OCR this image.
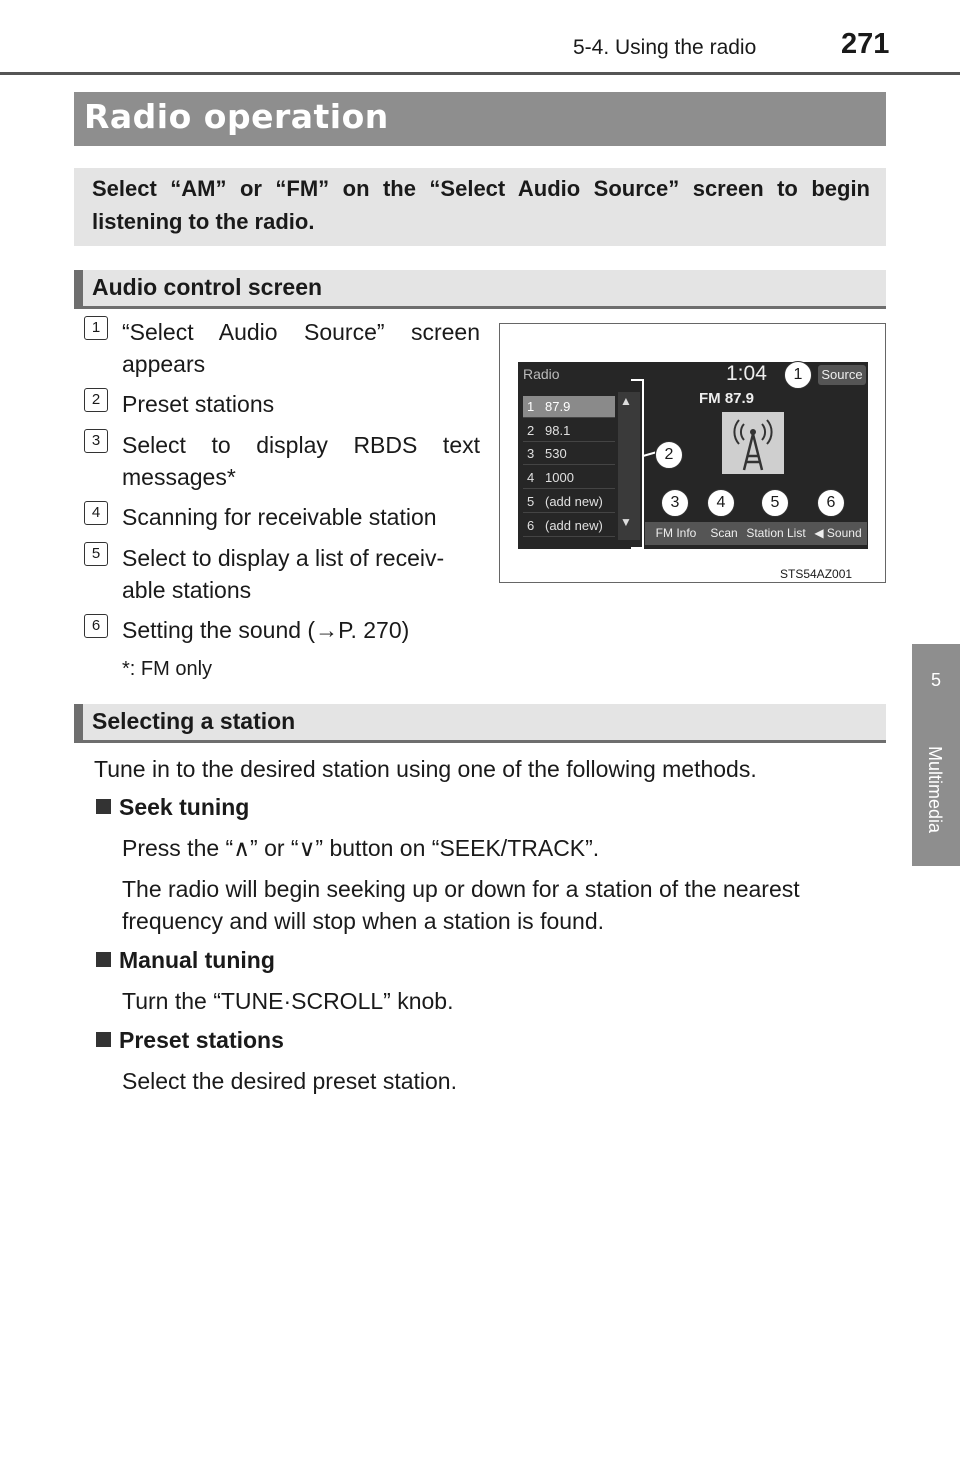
5-4. Using the radio	271
5
Multimedia
Radio operation
Select “AM” or “FM” on the “Select Audio Source” screen to begin listening to the radio.
Audio control screen
1 “Select Audio Source” screen
appears
2 Preset stations
3 Select to display RBDS text
messages*
4 Scanning for receivable station
5 Select to display a list of receiv-
able stations
6 Setting the sound (→P. 270)
*: FM only
Radio	1:04	Source
1 87.9
2 98.1
3 530
4 1000
5 (add new)
6 (add new)
▲
▼
FM 87.9
FM Info	Scan Station List ◀ Sound
1
2
3	4	5	6
STS54AZ001
Selecting a station
Tune in to the desired station using one of the following methods.
Seek tuning
Press the “∧” or “∨” button on “SEEK/TRACK”.
The radio will begin seeking up or down for a station of the nearest
frequency and will stop when a station is found.
Manual tuning
Turn the “TUNE·SCROLL” knob.
Preset stations
Select the desired preset station.
